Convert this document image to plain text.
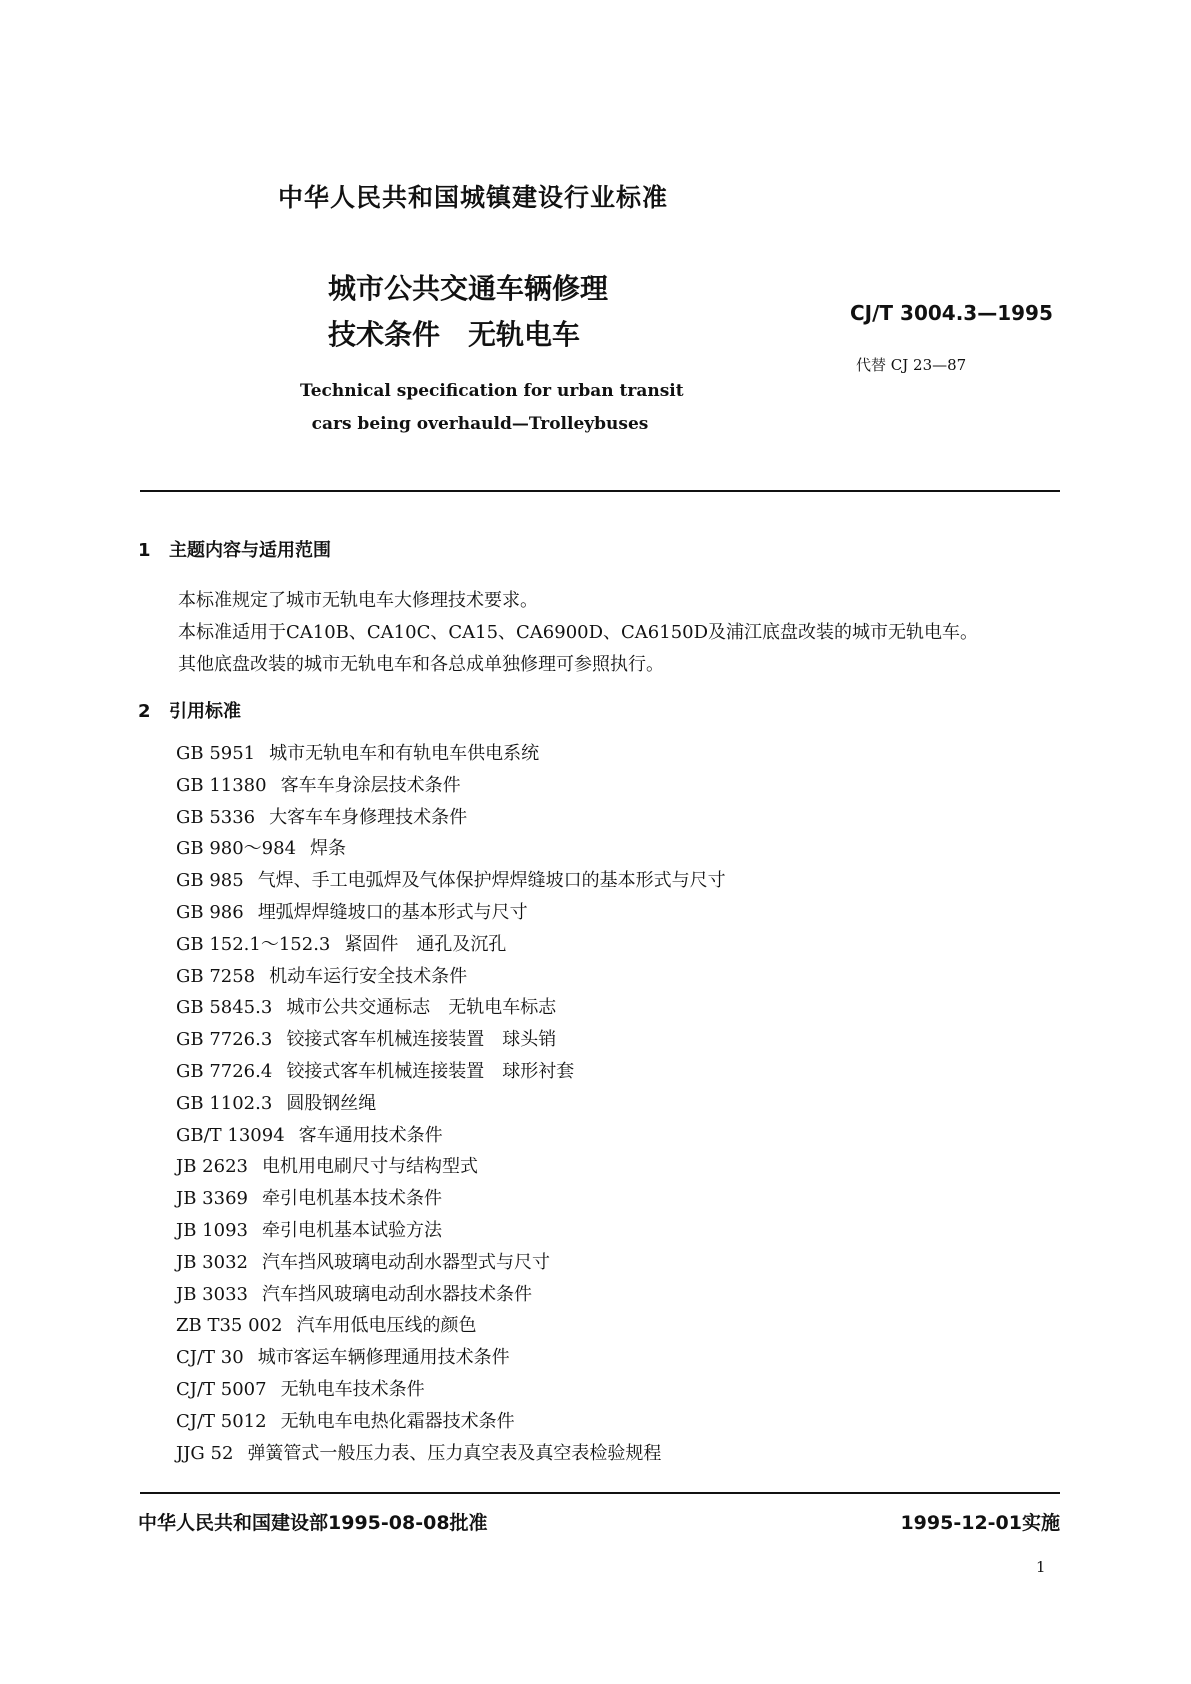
中华人民共和国城镇建设行业标准
城市公共交通车辆修理
技术条件　无轨电车
Technical specification for urban transit
cars being overhauld—Trolleybuses
CJ/T 3004.3—1995
代替 CJ 23—87
1 主题内容与适用范围
本标准规定了城市无轨电车大修理技术要求。
本标准适用于CA10B、CA10C、CA15、CA6900D、CA6150D及浦江底盘改装的城市无轨电车。
其他底盘改装的城市无轨电车和各总成单独修理可参照执行。
2 引用标准
GB 5951 城市无轨电车和有轨电车供电系统
GB 11380 客车车身涂层技术条件
GB 5336 大客车车身修理技术条件
GB 980～984 焊条
GB 985 气焊、手工电弧焊及气体保护焊焊缝坡口的基本形式与尺寸
GB 986 埋弧焊焊缝坡口的基本形式与尺寸
GB 152.1～152.3 紧固件　通孔及沉孔
GB 7258 机动车运行安全技术条件
GB 5845.3 城市公共交通标志　无轨电车标志
GB 7726.3 铰接式客车机械连接装置　球头销
GB 7726.4 铰接式客车机械连接装置　球形衬套
GB 1102.3 圆股钢丝绳
GB/T 13094 客车通用技术条件
JB 2623 电机用电刷尺寸与结构型式
JB 3369 牵引电机基本技术条件
JB 1093 牵引电机基本试验方法
JB 3032 汽车挡风玻璃电动刮水器型式与尺寸
JB 3033 汽车挡风玻璃电动刮水器技术条件
ZB T35 002 汽车用低电压线的颜色
CJ/T 30 城市客运车辆修理通用技术条件
CJ/T 5007 无轨电车技术条件
CJ/T 5012 无轨电车电热化霜器技术条件
JJG 52 弹簧管式一般压力表、压力真空表及真空表检验规程
中华人民共和国建设部1995-08-08批准	1995-12-01实施
1
